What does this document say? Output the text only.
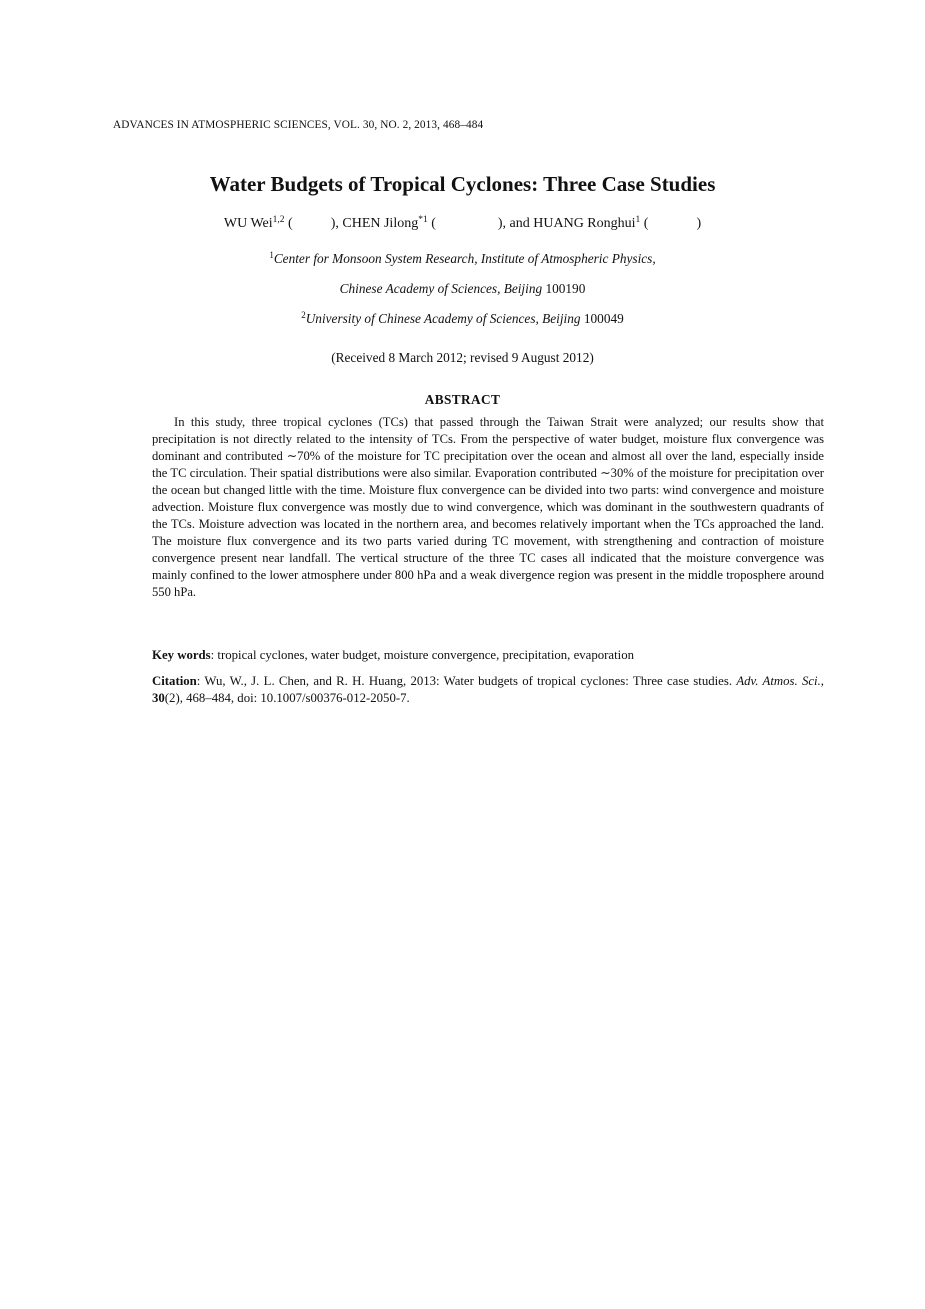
ADVANCES IN ATMOSPHERIC SCIENCES, VOL. 30, NO. 2, 2013, 468–484
Water Budgets of Tropical Cyclones: Three Case Studies
WU Wei$^{1,2}$ (	), CHEN Jilong$^{*1}$ (	), and HUANG Ronghui$^1$ (	)
$^1$Center for Monsoon System Research, Institute of Atmospheric Physics,
Chinese Academy of Sciences, Beijing 100190
$^2$University of Chinese Academy of Sciences, Beijing 100049
(Received 8 March 2012; revised 9 August 2012)
ABSTRACT

In this study, three tropical cyclones (TCs) that passed through the Taiwan Strait were analyzed; our results show that precipitation is not directly related to the intensity of TCs. From the perspective of water budget, moisture flux convergence was dominant and contributed ∼70% of the moisture for TC precipitation over the ocean and almost all over the land, especially inside the TC circulation. Their spatial distributions were also similar. Evaporation contributed ∼30% of the moisture for precipitation over the ocean but changed little with the time. Moisture flux convergence can be divided into two parts: wind convergence and moisture advection. Moisture flux convergence was mostly due to wind convergence, which was dominant in the southwestern quadrants of the TCs. Moisture advection was located in the northern area, and becomes relatively important when the TCs approached the land. The moisture flux convergence and its two parts varied during TC movement, with strengthening and contraction of moisture convergence present near landfall. The vertical structure of the three TC cases all indicated that the moisture convergence was mainly confined to the lower atmosphere under 800 hPa and a weak divergence region was present in the middle troposphere around 550 hPa.

Key words: tropical cyclones, water budget, moisture convergence, precipitation, evaporation

Citation: Wu, W., J. L. Chen, and R. H. Huang, 2013: Water budgets of tropical cyclones: Three case studies. Adv. Atmos. Sci., 30(2), 468–484, doi: 10.1007/s00376-012-2050-7.
